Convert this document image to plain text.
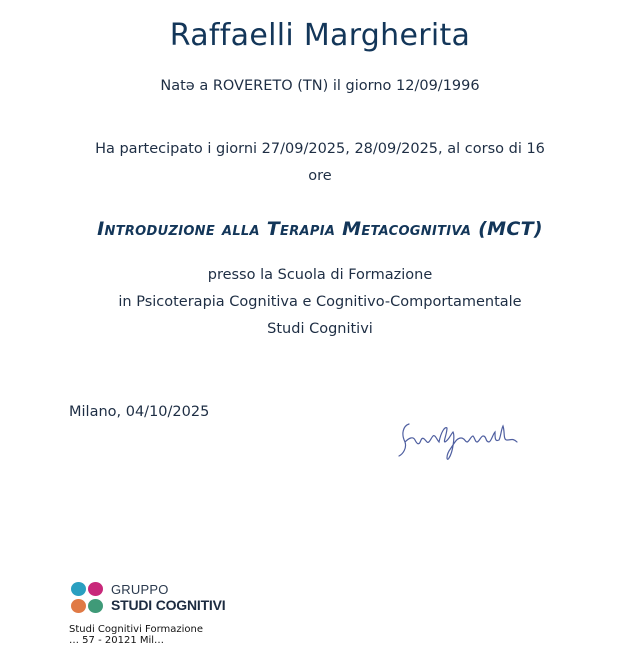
Raffaelli Margherita
Natə a ROVERETO (TN) il giorno 12/09/1996
Ha partecipato i giorni 27/09/2025, 28/09/2025, al corso di 16
ore
Introduzione alla Terapia Metacognitiva (MCT)
presso la Scuola di Formazione
in Psicoterapia Cognitiva e Cognitivo-Comportamentale
Studi Cognitivi
Milano, 04/10/2025
GRUPPO
STUDI COGNITIVI
Studi Cognitivi Formazione
… 57 - 20121 Mil…
